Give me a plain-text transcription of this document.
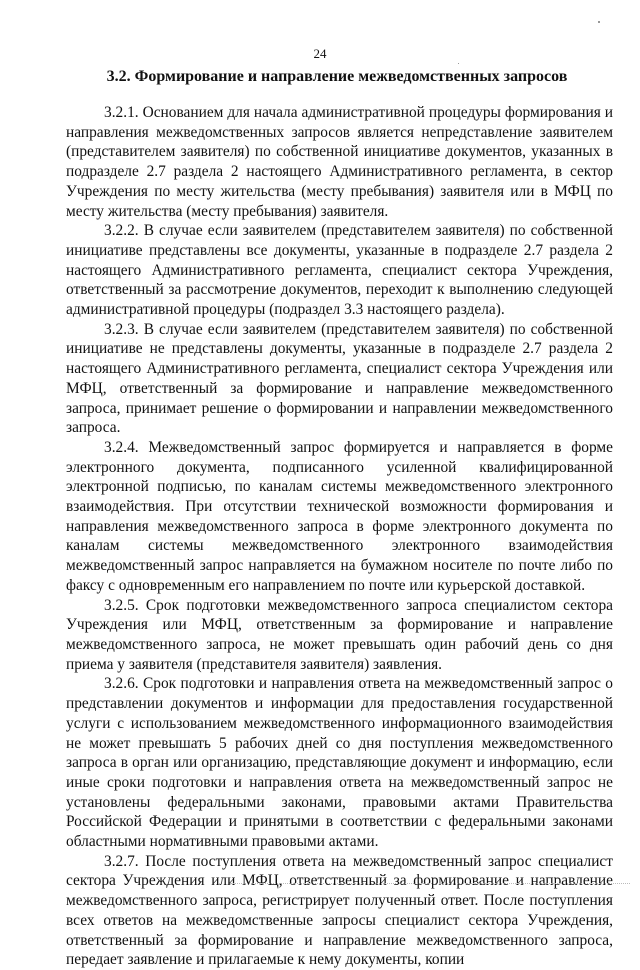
24
3.2. Формирование и направление межведомственных запросов

3.2.1. Основанием для начала административной процедуры формирования и направления межведомственных запросов является непредставление заявителем (представителем заявителя) по собственной инициативе документов, указанных в подразделе 2.7 раздела 2 настоящего Административного регламента, в сектор Учреждения по месту жительства (месту пребывания) заявителя или в МФЦ по месту жительства (месту пребывания) заявителя.

3.2.2. В случае если заявителем (представителем заявителя) по собственной инициативе представлены все документы, указанные в подразделе 2.7 раздела 2 настоящего Административного регламента, специалист сектора Учреждения, ответственный за рассмотрение документов, переходит к выполнению следующей административной процедуры (подраздел 3.3 настоящего раздела).

3.2.3. В случае если заявителем (представителем заявителя) по собственной инициативе не представлены документы, указанные в подразделе 2.7 раздела 2 настоящего Административного регламента, специалист сектора Учреждения или МФЦ, ответственный за формирование и направление межведомственного запроса, принимает решение о формировании и направлении межведомственного запроса.

3.2.4. Межведомственный запрос формируется и направляется в форме электронного документа, подписанного усиленной квалифицированной электронной подписью, по каналам системы межведомственного электронного взаимодействия. При отсутствии технической возможности формирования и направления межведомственного запроса в форме электронного документа по каналам системы межведомственного электронного взаимодействия межведомственный запрос направляется на бумажном носителе по почте либо по факсу с одновременным его направлением по почте или курьерской доставкой.

3.2.5. Срок подготовки межведомственного запроса специалистом сектора Учреждения или МФЦ, ответственным за формирование и направление межведомственного запроса, не может превышать один рабочий день со дня приема у заявителя (представителя заявителя) заявления.

3.2.6. Срок подготовки и направления ответа на межведомственный запрос о представлении документов и информации для предоставления государственной услуги с использованием межведомственного информационного взаимодействия не может превышать 5 рабочих дней со дня поступления межведомственного запроса в орган или организацию, представляющие документ и информацию, если иные сроки подготовки и направления ответа на межведомственный запрос не установлены федеральными законами, правовыми актами Правительства Российской Федерации и принятыми в соответствии с федеральными законами областными нормативными правовыми актами.

3.2.7. После поступления ответа на межведомственный запрос специалист сектора Учреждения или МФЦ, ответственный за формирование и направление межведомственного запроса, регистрирует полученный ответ. После поступления всех ответов на межведомственные запросы специалист сектора Учреждения, ответственный за формирование и направление межведомственного запроса, передает заявление и прилагаемые к нему документы, копии
